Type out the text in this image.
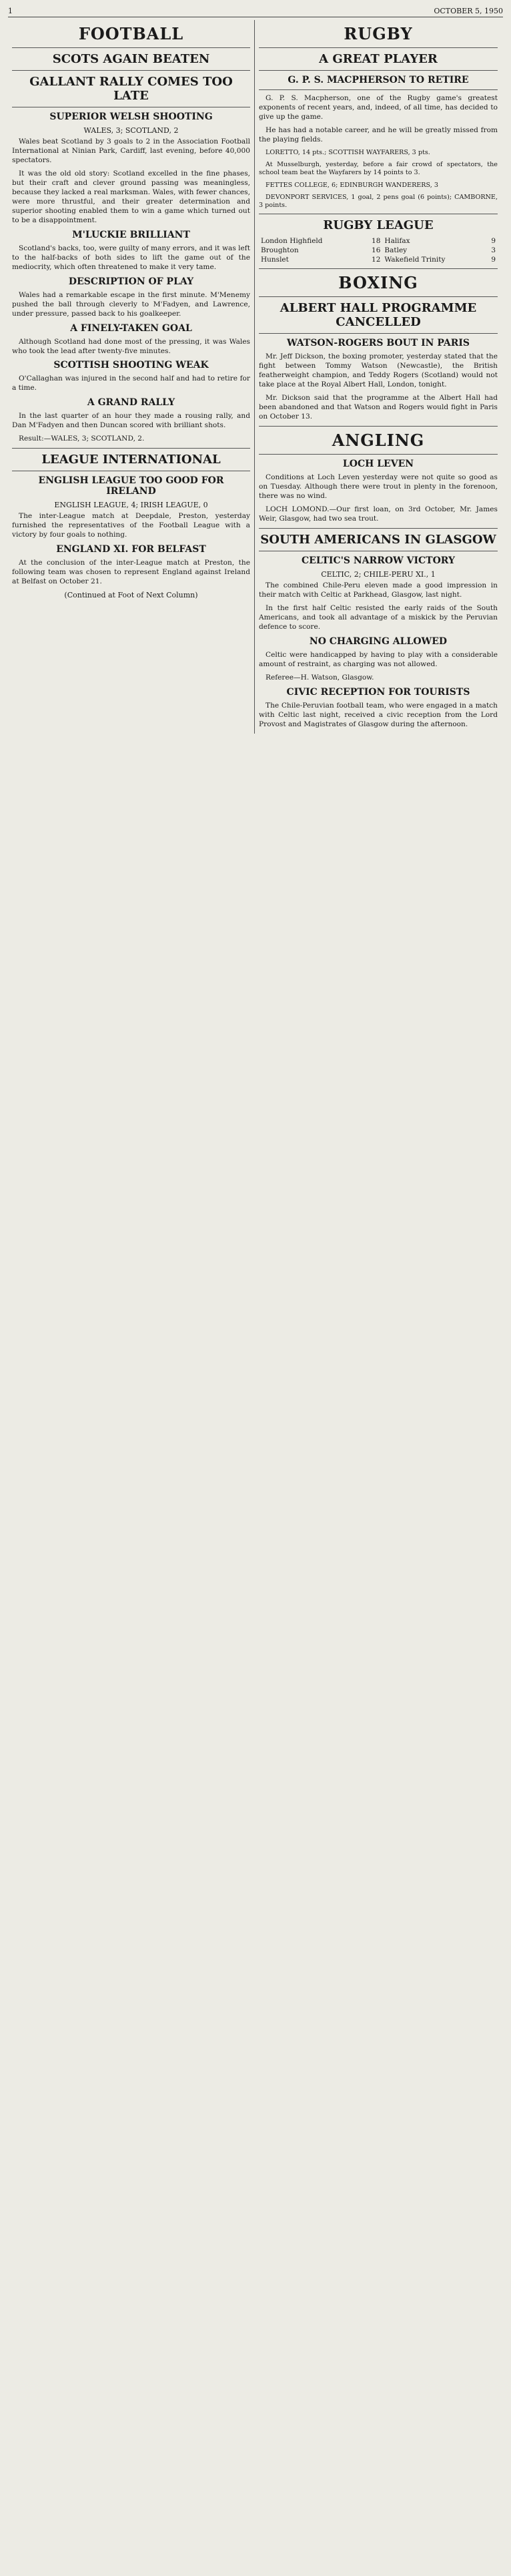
1	OCTOBER 5, 1950
FOOTBALL
SCOTS AGAIN BEATEN
GALLANT RALLY COMES TOO LATE
SUPERIOR WELSH SHOOTING
WALES, 3; SCOTLAND, 2

Wales beat Scotland by 3 goals to 2 in the Association Football International at Ninian Park, Cardiff, last evening, before 40,000 spectators.

It was the old old story: Scotland excelled in the fine phases, but their craft and clever ground passing was meaningless, because they lacked a real marksman. Wales, with fewer chances, were more thrustful, and their greater determination and superior shooting enabled them to win a game which turned out to be a disappointment.

M'LUCKIE BRILLIANT

Scotland's backs, too, were guilty of many errors, and it was left to the half-backs of both sides to lift the game out of the mediocrity, which often threatened to make it very tame.

DESCRIPTION OF PLAY

Wales had a remarkable escape in the first minute. M'Menemy pushed the ball through cleverly to M'Fadyen, and Lawrence, under pressure, passed back to his goalkeeper.

A FINELY-TAKEN GOAL

Although Scotland had done most of the pressing, it was Wales who took the lead after twenty-five minutes.

SCOTTISH SHOOTING WEAK

O'Callaghan was injured in the second half and had to retire for a time.

A GRAND RALLY

In the last quarter of an hour they made a rousing rally, and Dan M'Fadyen and then Duncan scored with brilliant shots.

Result:—WALES, 3; SCOTLAND, 2.

LEAGUE INTERNATIONAL
ENGLISH LEAGUE TOO GOOD FOR IRELAND
ENGLISH LEAGUE, 4; IRISH LEAGUE, 0

The inter-League match at Deepdale, Preston, yesterday furnished the representatives of the Football League with a victory by four goals to nothing.

ENGLAND XI. FOR BELFAST

At the conclusion of the inter-League match at Preston, the following team was chosen to represent England against Ireland at Belfast on October 21.

(Continued at Foot of Next Column)
RUGBY
A GREAT PLAYER
G. P. S. MACPHERSON TO RETIRE

G. P. S. Macpherson, one of the Rugby game's greatest exponents of recent years, and, indeed, of all time, has decided to give up the game.

He has had a notable career, and he will be greatly missed from the playing fields.

LORETTO, 14 pts.; SCOTTISH WAYFARERS, 3 pts.

At Musselburgh, yesterday, before a fair crowd of spectators, the school team beat the Wayfarers by 14 points to 3.

FETTES COLLEGE, 6; EDINBURGH WANDERERS, 3

DEVONPORT SERVICES, 1 goal, 2 pens goal (6 points); CAMBORNE, 3 points.

RUGBY LEAGUE
London Highfield	18	Halifax	9
Broughton	16	Batley	3
Hunslet	12	Wakefield Trinity	9
BOXING
ALBERT HALL PROGRAMME CANCELLED
WATSON-ROGERS BOUT IN PARIS

Mr. Jeff Dickson, the boxing promoter, yesterday stated that the fight between Tommy Watson (Newcastle), the British featherweight champion, and Teddy Rogers (Scotland) would not take place at the Royal Albert Hall, London, tonight.

Mr. Dickson said that the programme at the Albert Hall had been abandoned and that Watson and Rogers would fight in Paris on October 13.

ANGLING
LOCH LEVEN

Conditions at Loch Leven yesterday were not quite so good as on Tuesday. Although there were trout in plenty in the forenoon, there was no wind.

LOCH LOMOND.—Our first loan, on 3rd October, Mr. James Weir, Glasgow, had two sea trout.

SOUTH AMERICANS IN GLASGOW
CELTIC'S NARROW VICTORY
CELTIC, 2; CHILE-PERU XI., 1

The combined Chile-Peru eleven made a good impression in their match with Celtic at Parkhead, Glasgow, last night.

In the first half Celtic resisted the early raids of the South Americans, and took all advantage of a miskick by the Peruvian defence to score.

NO CHARGING ALLOWED

Celtic were handicapped by having to play with a considerable amount of restraint, as charging was not allowed.

Referee—H. Watson, Glasgow.

CIVIC RECEPTION FOR TOURISTS

The Chile-Peruvian football team, who were engaged in a match with Celtic last night, received a civic reception from the Lord Provost and Magistrates of Glasgow during the afternoon.
